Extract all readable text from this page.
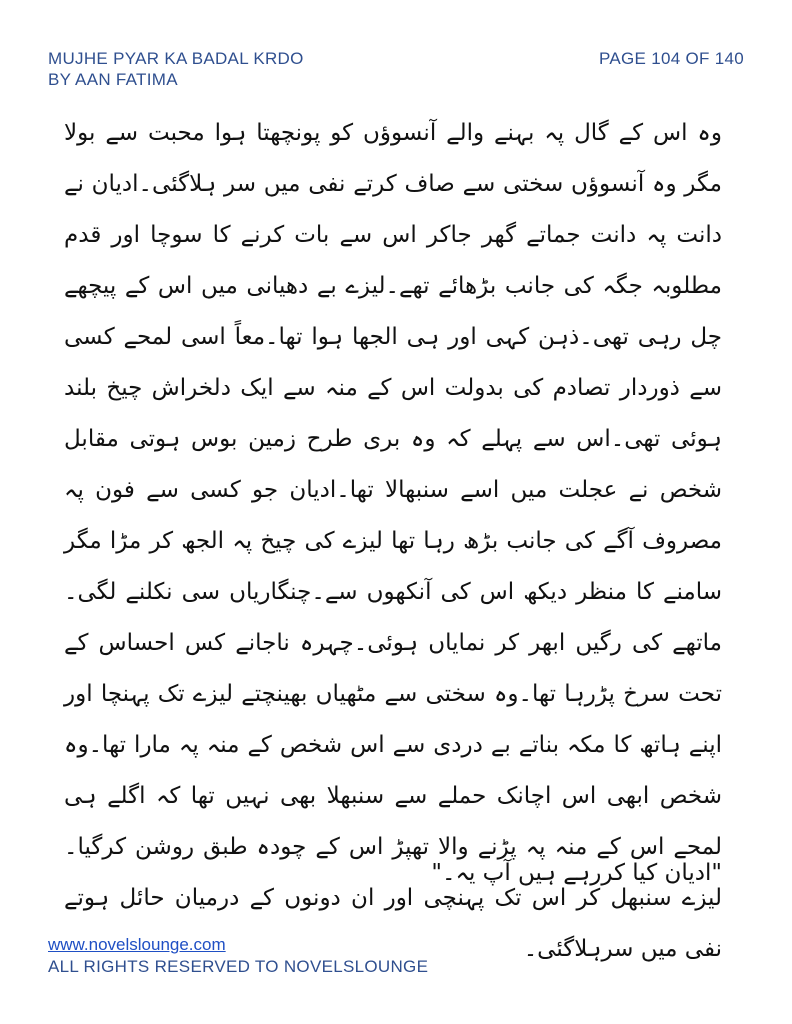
MUJHE PYAR KA BADAL KRDO
BY AAN FATIMA
PAGE 104 OF 140

وہ اس کے گال پہ بہنے والے آنسوؤں کو پونچھتا ہوا محبت سے بولا مگر وہ آنسوؤں سختی سے صاف کرتے نفی میں سر ہلاگئی۔ادیان نے دانت پہ دانت جماتے گھر جاکر اس سے بات کرنے کا سوچا اور قدم مطلوبہ جگہ کی جانب بڑھائے تھے۔لیزے بے دھیانی میں اس کے پیچھے چل رہی تھی۔ذہن کہی اور ہی الجھا ہوا تھا۔معاً اسی لمحے کسی سے ذوردار تصادم کی بدولت اس کے منہ سے ایک دلخراش چیخ بلند ہوئی تھی۔اس سے پہلے کہ وہ بری طرح زمین بوس ہوتی مقابل شخص نے عجلت میں اسے سنبھالا تھا۔ادیان جو کسی سے فون پہ مصروف آگے کی جانب بڑھ رہا تھا لیزے کی چیخ پہ الجھ کر مڑا مگر سامنے کا منظر دیکھ اس کی آنکھوں سے۔چنگاریاں سی نکلنے لگی۔ماتھے کی رگیں ابھر کر نمایاں ہوئی۔چہرہ ناجانے کس احساس کے تحت سرخ پڑرہا تھا۔وہ سختی سے مٹھیاں بھینچتے لیزے تک پہنچا اور اپنے ہاتھ کا مکہ بناتے بے دردی سے اس شخص کے منہ پہ مارا تھا۔وہ شخص ابھی اس اچانک حملے سے سنبھلا بھی نہیں تھا کہ اگلے ہی لمحے اس کے منہ پہ پڑنے والا تھپڑ اس کے چودہ طبق روشن کرگیا۔لیزے سنبھل کر اس تک پہنچی اور ان دونوں کے درمیان حائل ہوتے نفی میں سرہلاگئی۔

"ادیان کیا کررہے ہیں آپ یہ۔"
www.novelslounge.com
ALL RIGHTS RESERVED TO NOVELSLOUNGE
